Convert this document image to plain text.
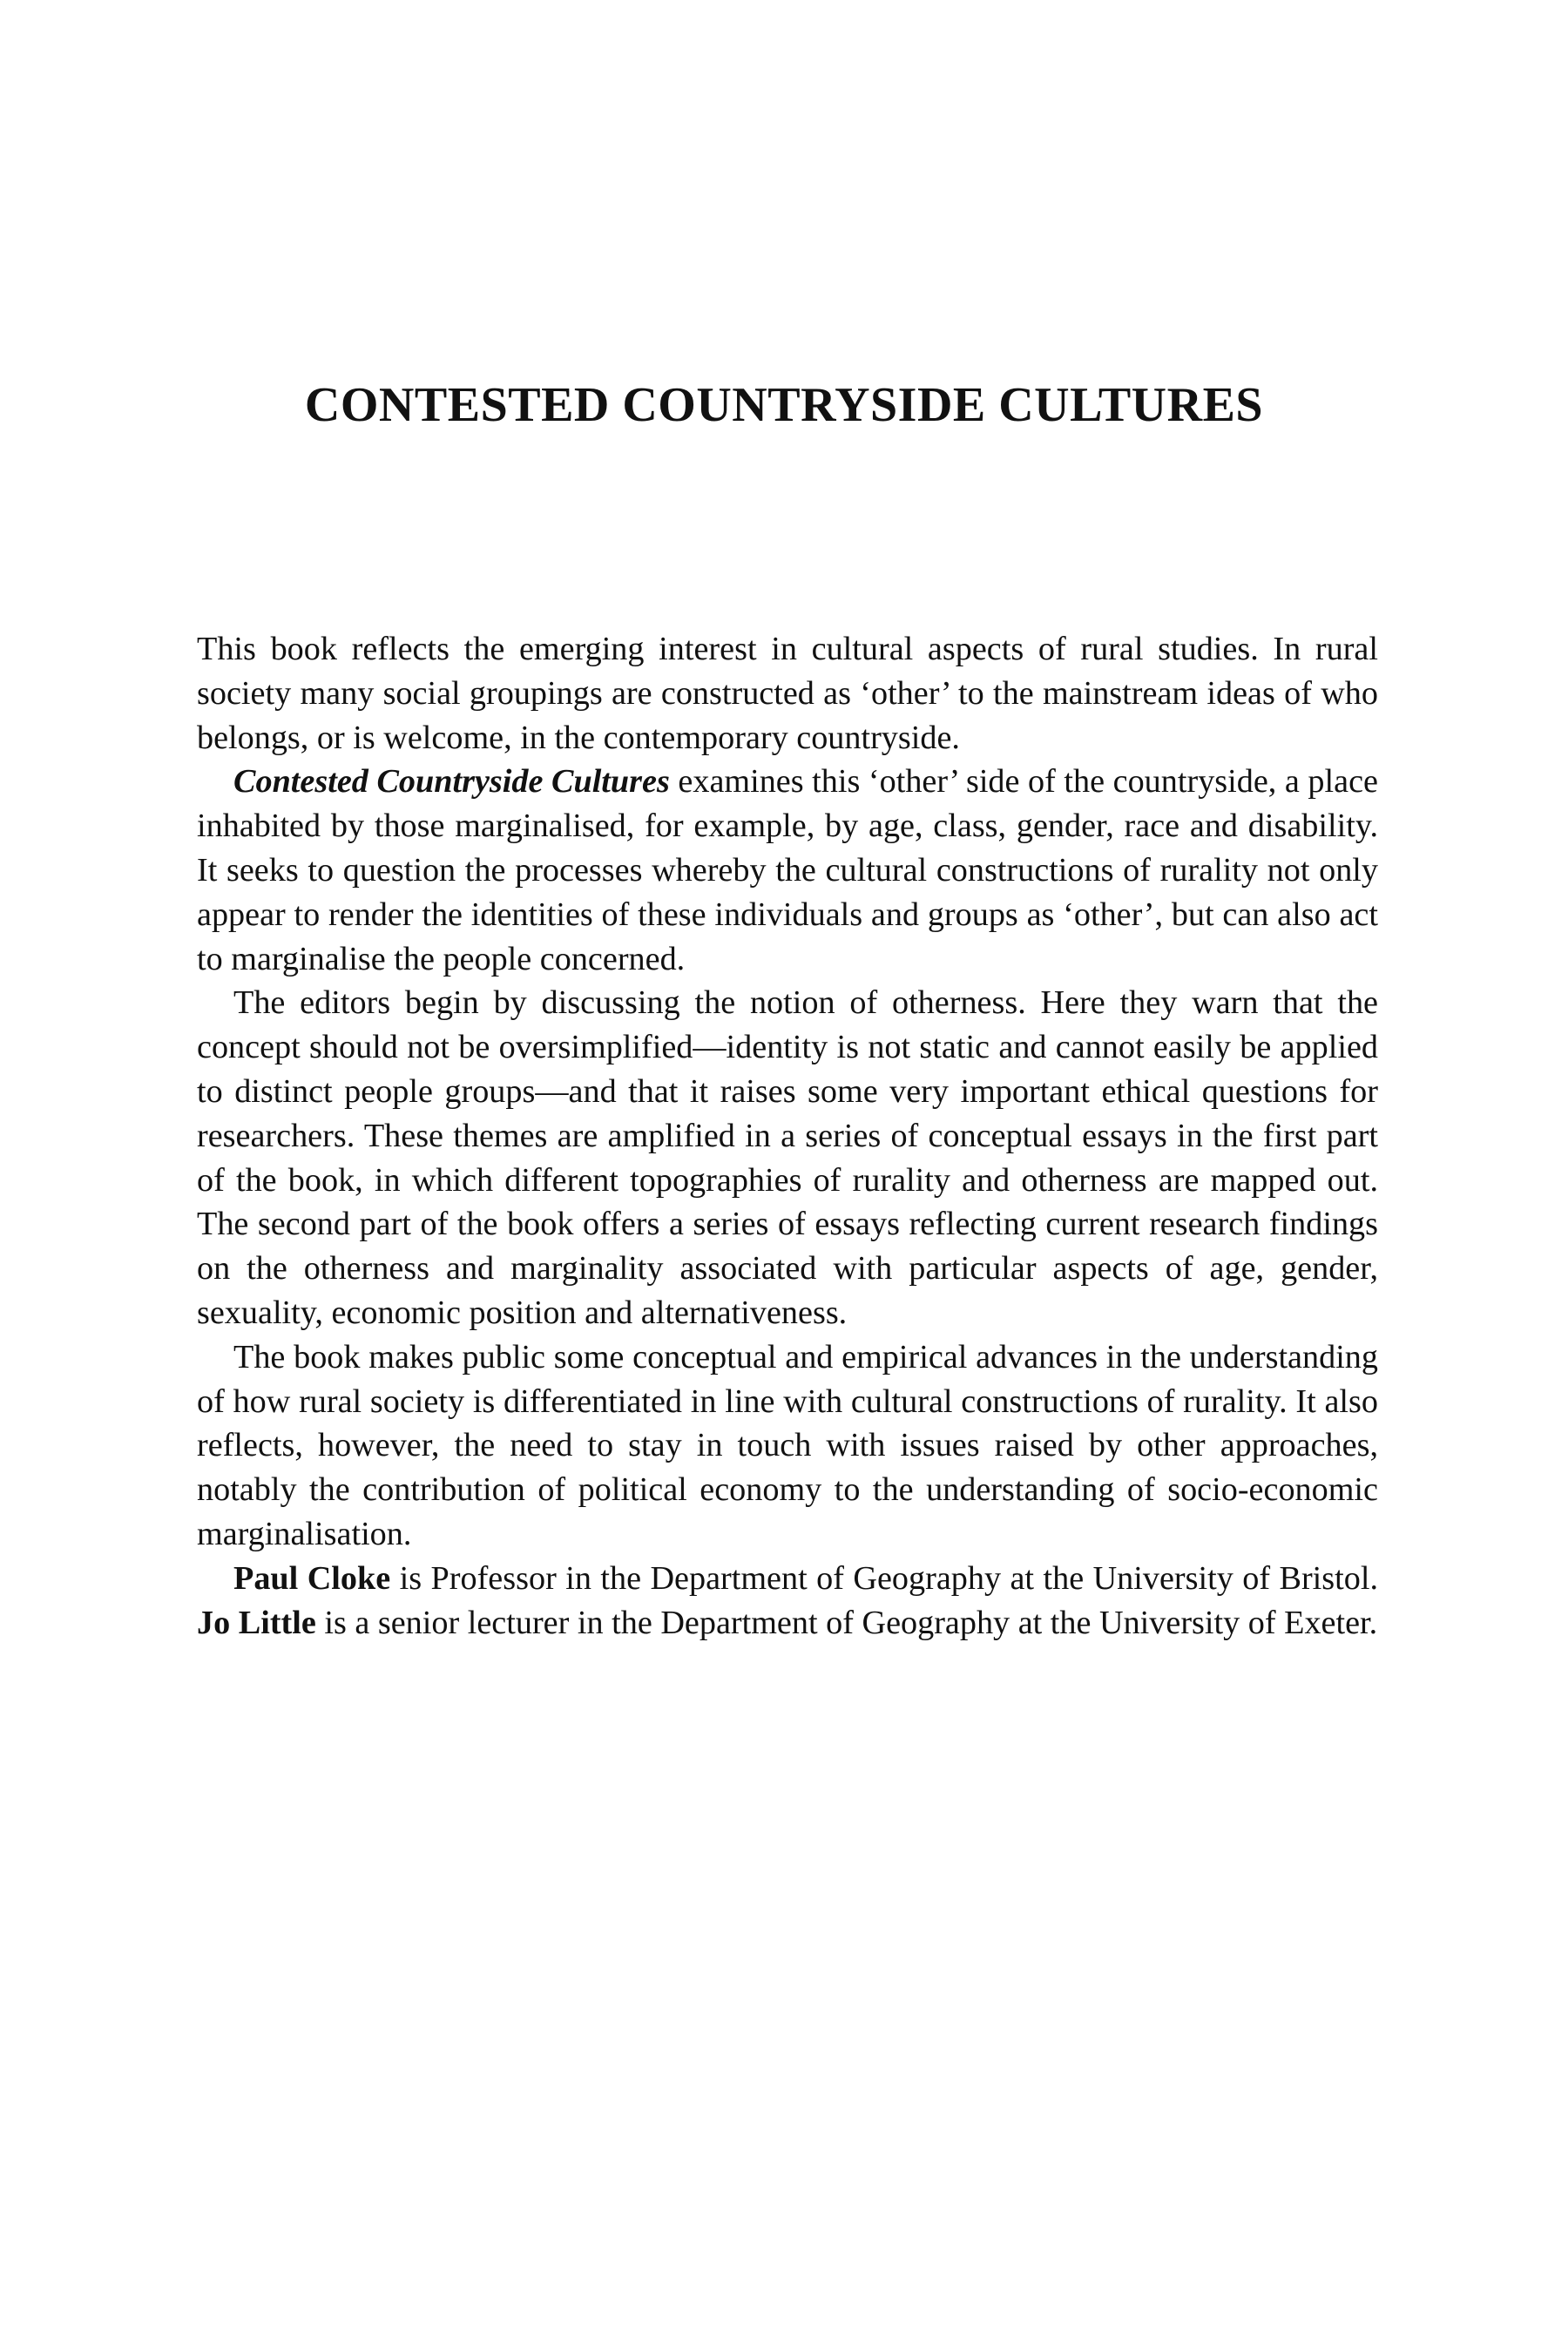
CONTESTED COUNTRYSIDE CULTURES

This book reflects the emerging interest in cultural aspects of rural studies. In rural society many social groupings are constructed as ‘other’ to the mainstream ideas of who belongs, or is welcome, in the contemporary countryside.

Contested Countryside Cultures examines this ‘other’ side of the countryside, a place inhabited by those marginalised, for example, by age, class, gender, race and disability. It seeks to question the processes whereby the cultural constructions of rurality not only appear to render the identities of these individuals and groups as ‘other’, but can also act to marginalise the people concerned.

The editors begin by discussing the notion of otherness. Here they warn that the concept should not be oversimplified—identity is not static and cannot easily be applied to distinct people groups—and that it raises some very important ethical questions for researchers. These themes are amplified in a series of conceptual essays in the first part of the book, in which different topographies of rurality and otherness are mapped out. The second part of the book offers a series of essays reflecting current research findings on the otherness and marginality associated with particular aspects of age, gender, sexuality, economic position and alternativeness.

The book makes public some conceptual and empirical advances in the understanding of how rural society is differentiated in line with cultural constructions of rurality. It also reflects, however, the need to stay in touch with issues raised by other approaches, notably the contribution of political economy to the understanding of socio-economic marginalisation.

Paul Cloke is Professor in the Department of Geography at the University of Bristol. Jo Little is a senior lecturer in the Department of Geography at the University of Exeter.
